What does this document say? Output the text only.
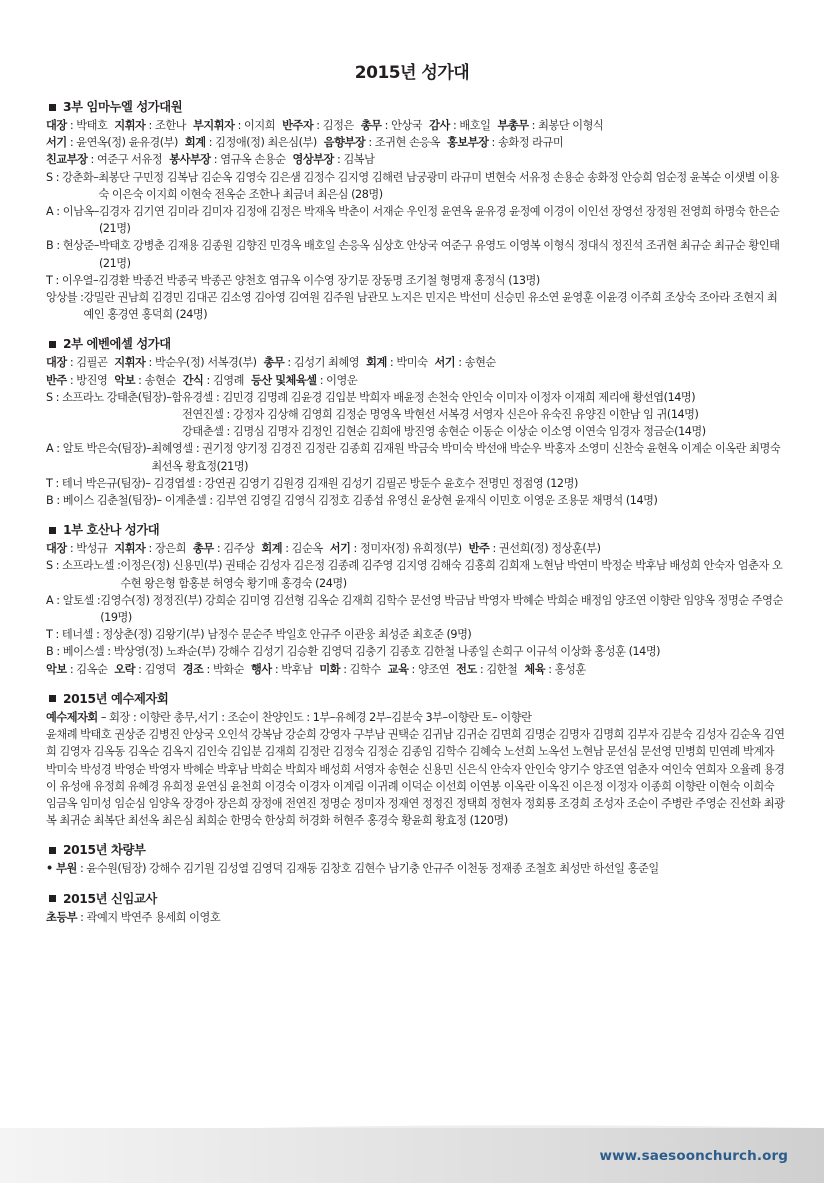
2015년 성가대
3부 임마누엘 성가대원
대장 : 박태호 지휘자 : 조한나 부지휘자 : 이지희 반주자 : 김정은 총무 : 안상국 감사 : 배호일 부총무 : 최봉단 이형식
서기 : 윤연옥(정) 윤유경(부) 회계 : 김정애(정) 최은심(부) 음향부장 : 조귀현 손응옥 홍보부장 : 송화정 라규미
친교부장 : 여준구 서유정 봉사부장 : 염규옥 손용순 영상부장 : 김복남
S : 강춘화– 최봉단 구민정 김복남 김순옥 김영숙 김은샘 김정수 김지영 김해련 남궁광미 라규미 변현숙 서유정 손용순 송화정 안승희 엄순정 윤복순 이샛별 이용숙 이은숙 이지희 이현숙 전옥순 조한나 최금녀 최은심 (28명)
A : 이남옥– 김경자 김기연 김미라 김미자 김정애 김정은 박재옥 박춘이 서재순 우인정 윤연옥 윤유경 윤정예 이경이 이인선 장영선 장정원 전영희 하명숙 한은순 (21명)
B : 현상준– 박태호 강병춘 김재용 김종원 김향진 민경옥 배호일 손응옥 심상호 안상국 여준구 유영도 이영복 이형식 정대식 정진석 조귀현 최규순 최규순 황인태 (21명)
T : 이우열– 김경환 박종건 박종국 박종곤 양천호 염규옥 이수영 장기문 장동명 조기철 형명재 홍정식 (13명)
앙상블 : 강밀란 권남희 김경민 김대곤 김소영 김아영 김여원 김주원 남관모 노지은 민지은 박선미 신승민 유소연 윤영훈 이윤경 이주희 조상숙 조아라 조현지 최예인 홍경연 홍덕희 (24명)
2부 에벤에셀 성가대
대장 : 김필곤 지휘자 : 박순우(정) 서복경(부) 총무 : 김성기 최혜영 회계 : 박미숙 서기 : 송현순
반주 : 방진영 악보 : 송현순 간식 : 김영례 등산 및체육셀 : 이영운
S : 소프라노 강태춘(팀장)– 함유경셀 : 김민경 김명례 김윤경 김입분 박희자 배윤정 손천숙 안인숙 이미자 이정자 이재희 제리애 황선엽(14명)
전연진셀 : 강정자 김상해 김영희 김정순 명영옥 박현선 서복경 서영자 신은아 유숙진 유양진 이한남 임 귀(14명)
강태춘셀 : 김명심 김명자 김정인 김현순 김희애 방진영 송현순 이동순 이상순 이소영 이연숙 임경자 정금순(14명)
A : 알토 박은숙(팀장)– 최혜영셀 : 권기정 양기정 김경진 김정란 김종희 김재원 박금숙 박미숙 박선애 박순우 박홍자 소영미 신찬숙 윤현옥 이계순 이옥란 최명숙 최선옥 황효정(21명)
T : 테너 박은규(팀장)– 김경엽셀 : 강연권 김영기 김원경 김재원 김성기 김필곤 방둔수 윤호수 전명민 정점영 (12명)
B : 베이스 김춘철(팀장)– 이계춘셀 : 김부연 김영길 김영식 김정호 김종섭 유영신 윤상현 윤재식 이민호 이영운 조용문 채명석 (14명)
1부 호산나 성가대
대장 : 박성규 지휘자 : 장은희 총무 : 김주상 회계 : 김순옥 서기 : 정미자(정) 유희정(부) 반주 : 권선희(정) 정상훈(부)
S : 소프라노셀 : 이정은(정) 신용민(부) 권태순 김성자 김은정 김종례 김주영 김지영 김해숙 김홍희 김희재 노현남 박연미 박정순 박후남 배성희 안숙자 엄춘자 오수현 왕은형 함홍분 허영숙 황기매 홍경숙 (24명)
A : 알토셀 : 김영수(정) 정정진(부) 강희순 김미영 김선형 김옥순 김재희 김학수 문선영 박금남 박영자 박혜순 박희순 배정임 양조연 이향란 임양옥 정명순 주영순 (19명)
T : 테너셀 : 정상춘(정) 김왕기(부) 남정수 문순주 박일호 안규주 이관웅 최성준 최호준 (9명)
B : 베이스셀 : 박상영(정) 노좌순(부) 강해수 김성기 김승환 김영덕 김충기 김종호 김한철 나종일 손희구 이규석 이상화 홍성훈 (14명)
악보 : 김옥순 오락 : 김영덕 경조 : 박화순 행사 : 박후남 미화 : 김학수 교육 : 양조연 전도 : 김한철 체육 : 홍성훈
2015년 예수제자회
예수제자회 – 회장 : 이향란 총무,서기 : 조순이 찬양인도 : 1부–유혜경 2부–김분숙 3부–이향란 토– 이향란
윤채례 박태호 권상준 김병진 안상국 오인석 강복남 강순희 강영자 구부남 권택순 김귀남 김귀순 김면희 김명순 김명자 김명희 김부자 김분숙 김성자 김순옥 김연희 김영자 김옥동 김옥순 김옥지 김인숙 김입분 김재희 김정란 김정숙 김정순 김종임 김학수 김혜숙 노선희 노옥선 노현남 문선심 문선영 민병희 민연례 박계자 박미숙 박성경 박영순 박영자 박혜순 박후남 박희순 박희자 배성희 서영자 송현순 신용민 신은식 안숙자 안인숙 양기수 양조연 엄춘자 여인숙 연희자 오율례 용경이 유성애 유정희 유혜경 유희정 윤연심 윤천희 이경숙 이경자 이계림 이귀례 이덕순 이선희 이연봉 이옥란 이옥진 이은정 이정자 이종희 이향란 이현숙 이희숙 임금옥 임미성 임순심 임양옥 장경아 장은희 장정애 전연진 정명순 정미자 정재연 정정진 정택희 정현자 정회룡 조경희 조성자 조순이 주병란 주영순 진선화 최광복 최귀순 최복단 최선옥 최은심 최희순 한명숙 한상희 허경화 허현주 홍경숙 황윤희 황효정 (120명)
2015년 차량부
• 부원 : 윤수원(팀장) 강해수 김기원 김성열 김영덕 김재동 김창호 김현수 남기충 안규주 이천동 정재종 조철호 최성만 하선일 홍준일
2015년 신임교사
초등부 : 곽예지 박연주 용세희 이영호
www.saesoonchurch.org
